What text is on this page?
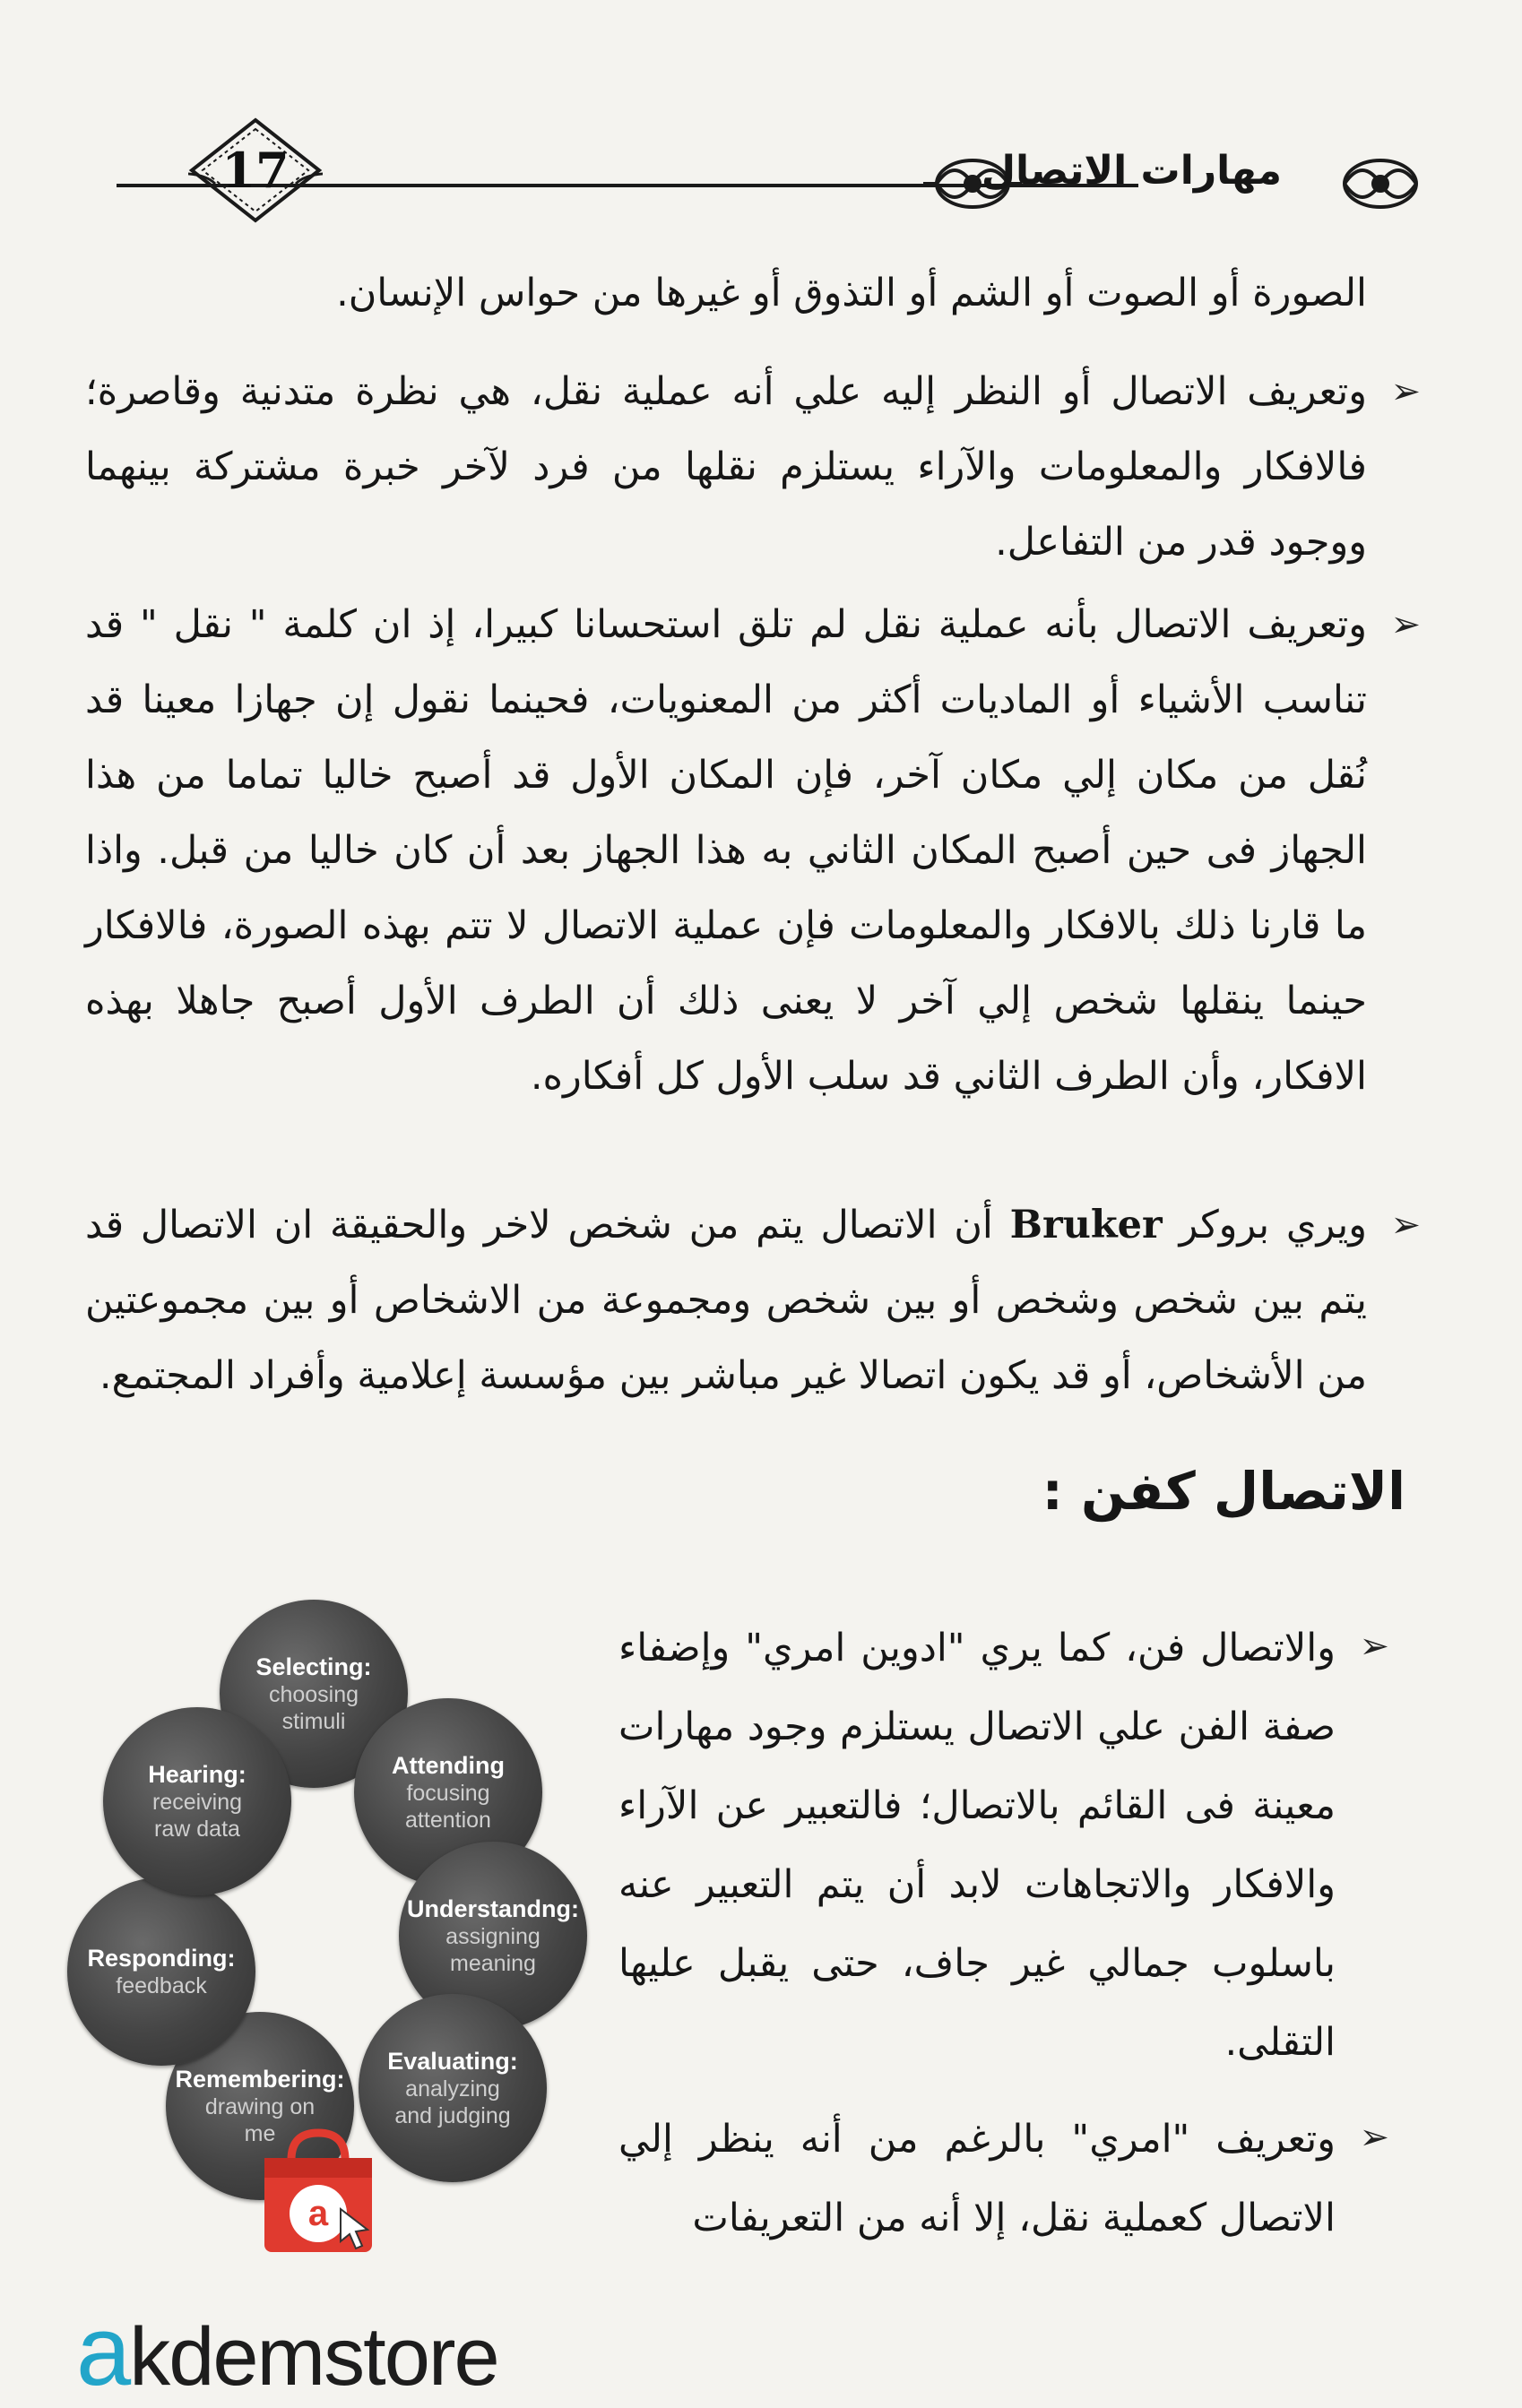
17	مهارات الاتصال
الصورة أو الصوت أو الشم أو التذوق أو غيرها من حواس الإنسان.
➢
وتعريف الاتصال أو النظر إليه علي أنه عملية نقل، هي نظرة متدنية وقاصرة؛ فالافكار والمعلومات والآراء يستلزم نقلها من فرد لآخر خبرة مشتركة بينهما ووجود قدر من التفاعل.
➢
وتعريف الاتصال بأنه عملية نقل لم تلق استحسانا كبيرا، إذ ان كلمة " نقل " قد تناسب الأشياء أو الماديات أكثر من المعنويات، فحينما نقول إن جهازا معينا قد نُقل من مكان إلي مكان آخر، فإن المكان الأول قد أصبح خاليا تماما من هذا الجهاز فى حين أصبح المكان الثاني به هذا الجهاز بعد أن كان خاليا من قبل. واذا ما قارنا ذلك بالافكار والمعلومات فإن عملية الاتصال لا تتم بهذه الصورة، فالافكار حينما ينقلها شخص إلي آخر لا يعنى ذلك أن الطرف الأول أصبح جاهلا بهذه الافكار، وأن الطرف الثاني قد سلب الأول كل أفكاره.
➢
ويري بروكر Bruker أن الاتصال يتم من شخص لاخر والحقيقة ان الاتصال قد يتم بين شخص وشخص أو بين شخص ومجموعة من الاشخاص أو بين مجموعتين من الأشخاص، أو قد يكون اتصالا غير مباشر بين مؤسسة إعلامية وأفراد المجتمع.
الاتصال كفن :
➢
والاتصال فن، كما يري "ادوين امري" وإضفاء صفة الفن علي الاتصال يستلزم وجود مهارات معينة فى القائم بالاتصال؛ فالتعبير عن الآراء والافكار والاتجاهات لابد أن يتم التعبير عنه باسلوب جمالي غير جاف، حتى يقبل عليها التقلى.
➢
وتعريف "امري" بالرغم من أنه ينظر إلي الاتصال كعملية نقل، إلا أنه من التعريفات
Selecting:
choosing
stimuli
Attending
focusing
attention
Understandng:
assigning
meaning
Evaluating:
analyzing
and judging
Remembering:
drawing on
me
Responding:
feedback
Hearing:
receiving
raw data
a
akdemstore
